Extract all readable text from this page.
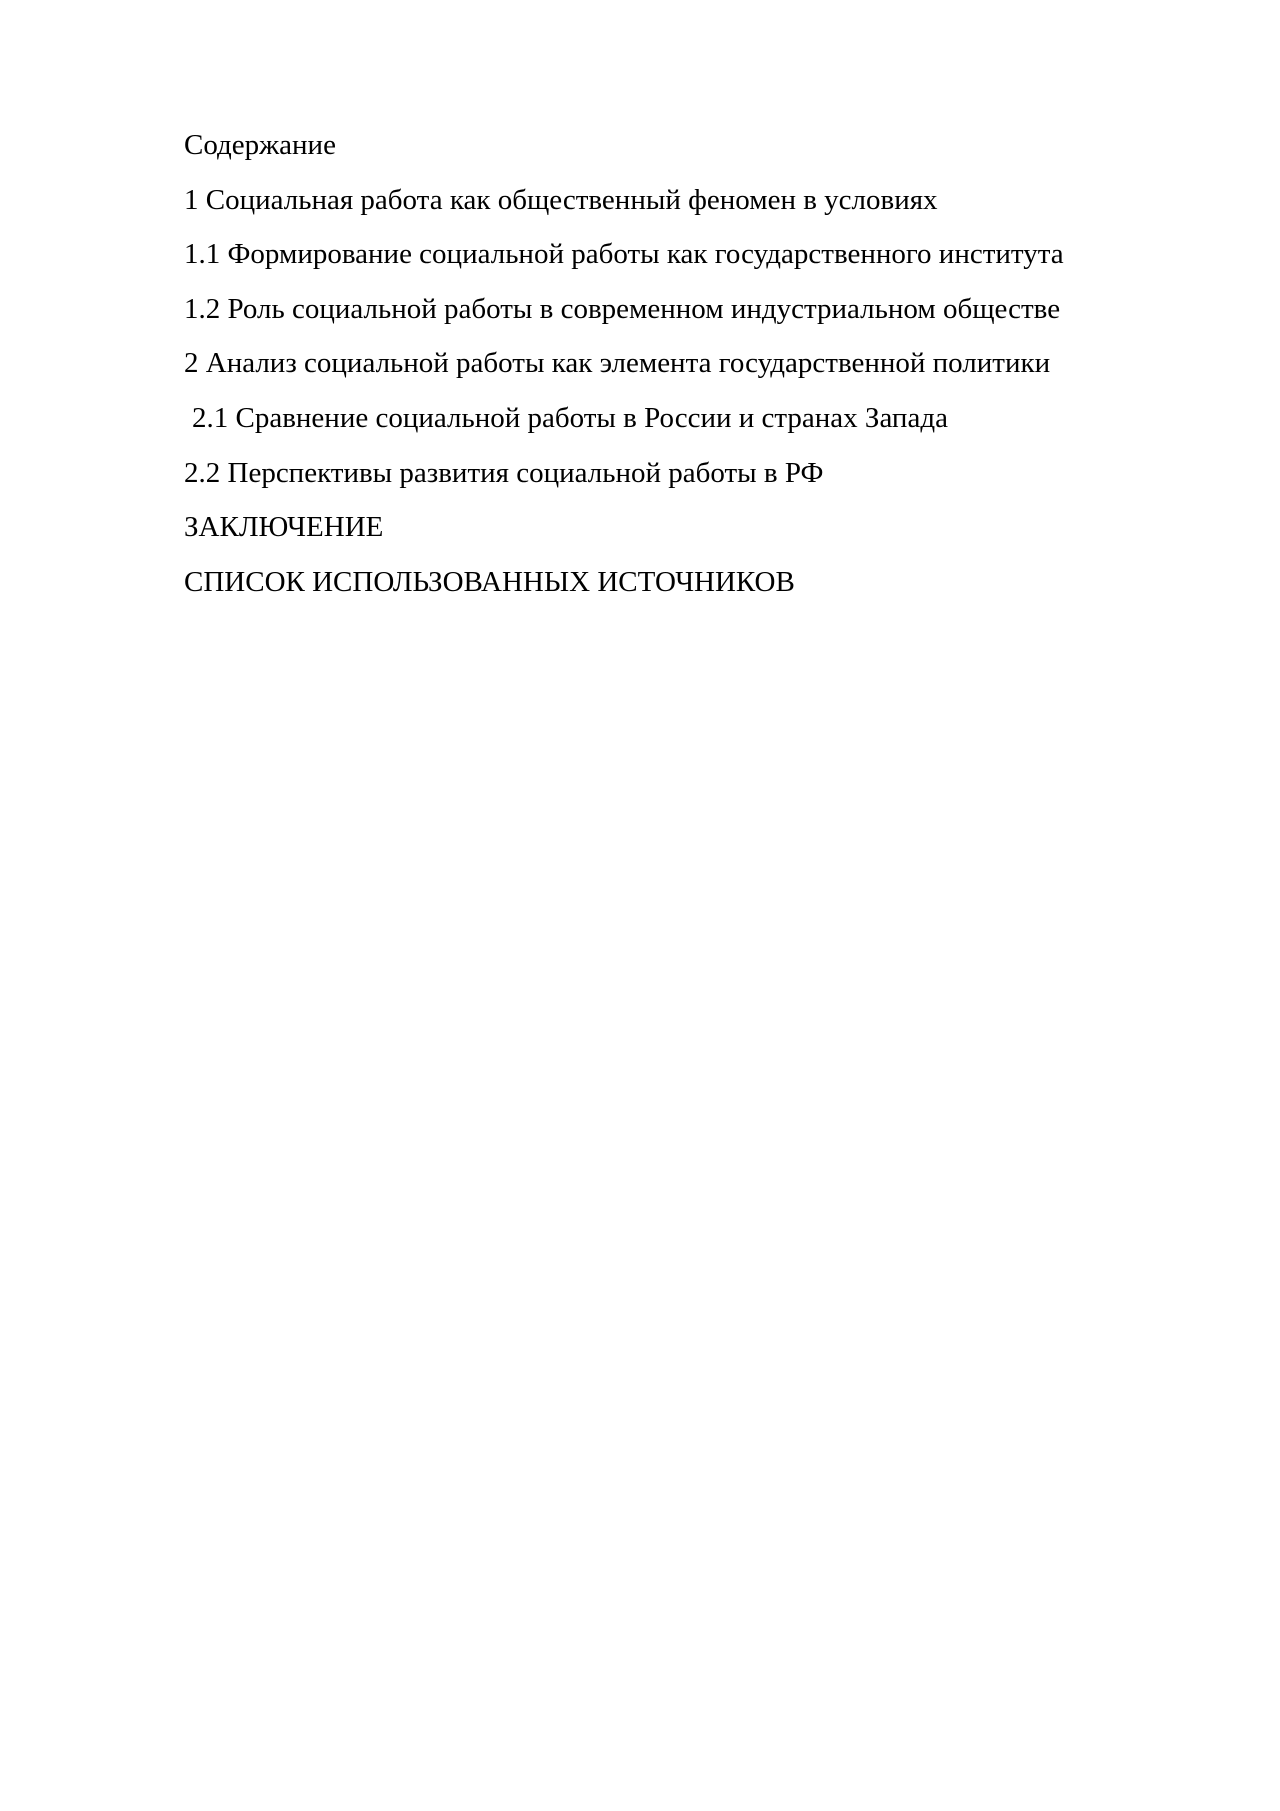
Содержание
1 Социальная работа как общественный феномен в условиях
1.1 Формирование социальной работы как государственного института
1.2 Роль социальной работы в современном индустриальном обществе
2 Анализ социальной работы как элемента государственной политики
2.1 Сравнение социальной работы в России и странах Запада
2.2 Перспективы развития социальной работы в РФ
ЗАКЛЮЧЕНИЕ
СПИСОК ИСПОЛЬЗОВАННЫХ ИСТОЧНИКОВ
